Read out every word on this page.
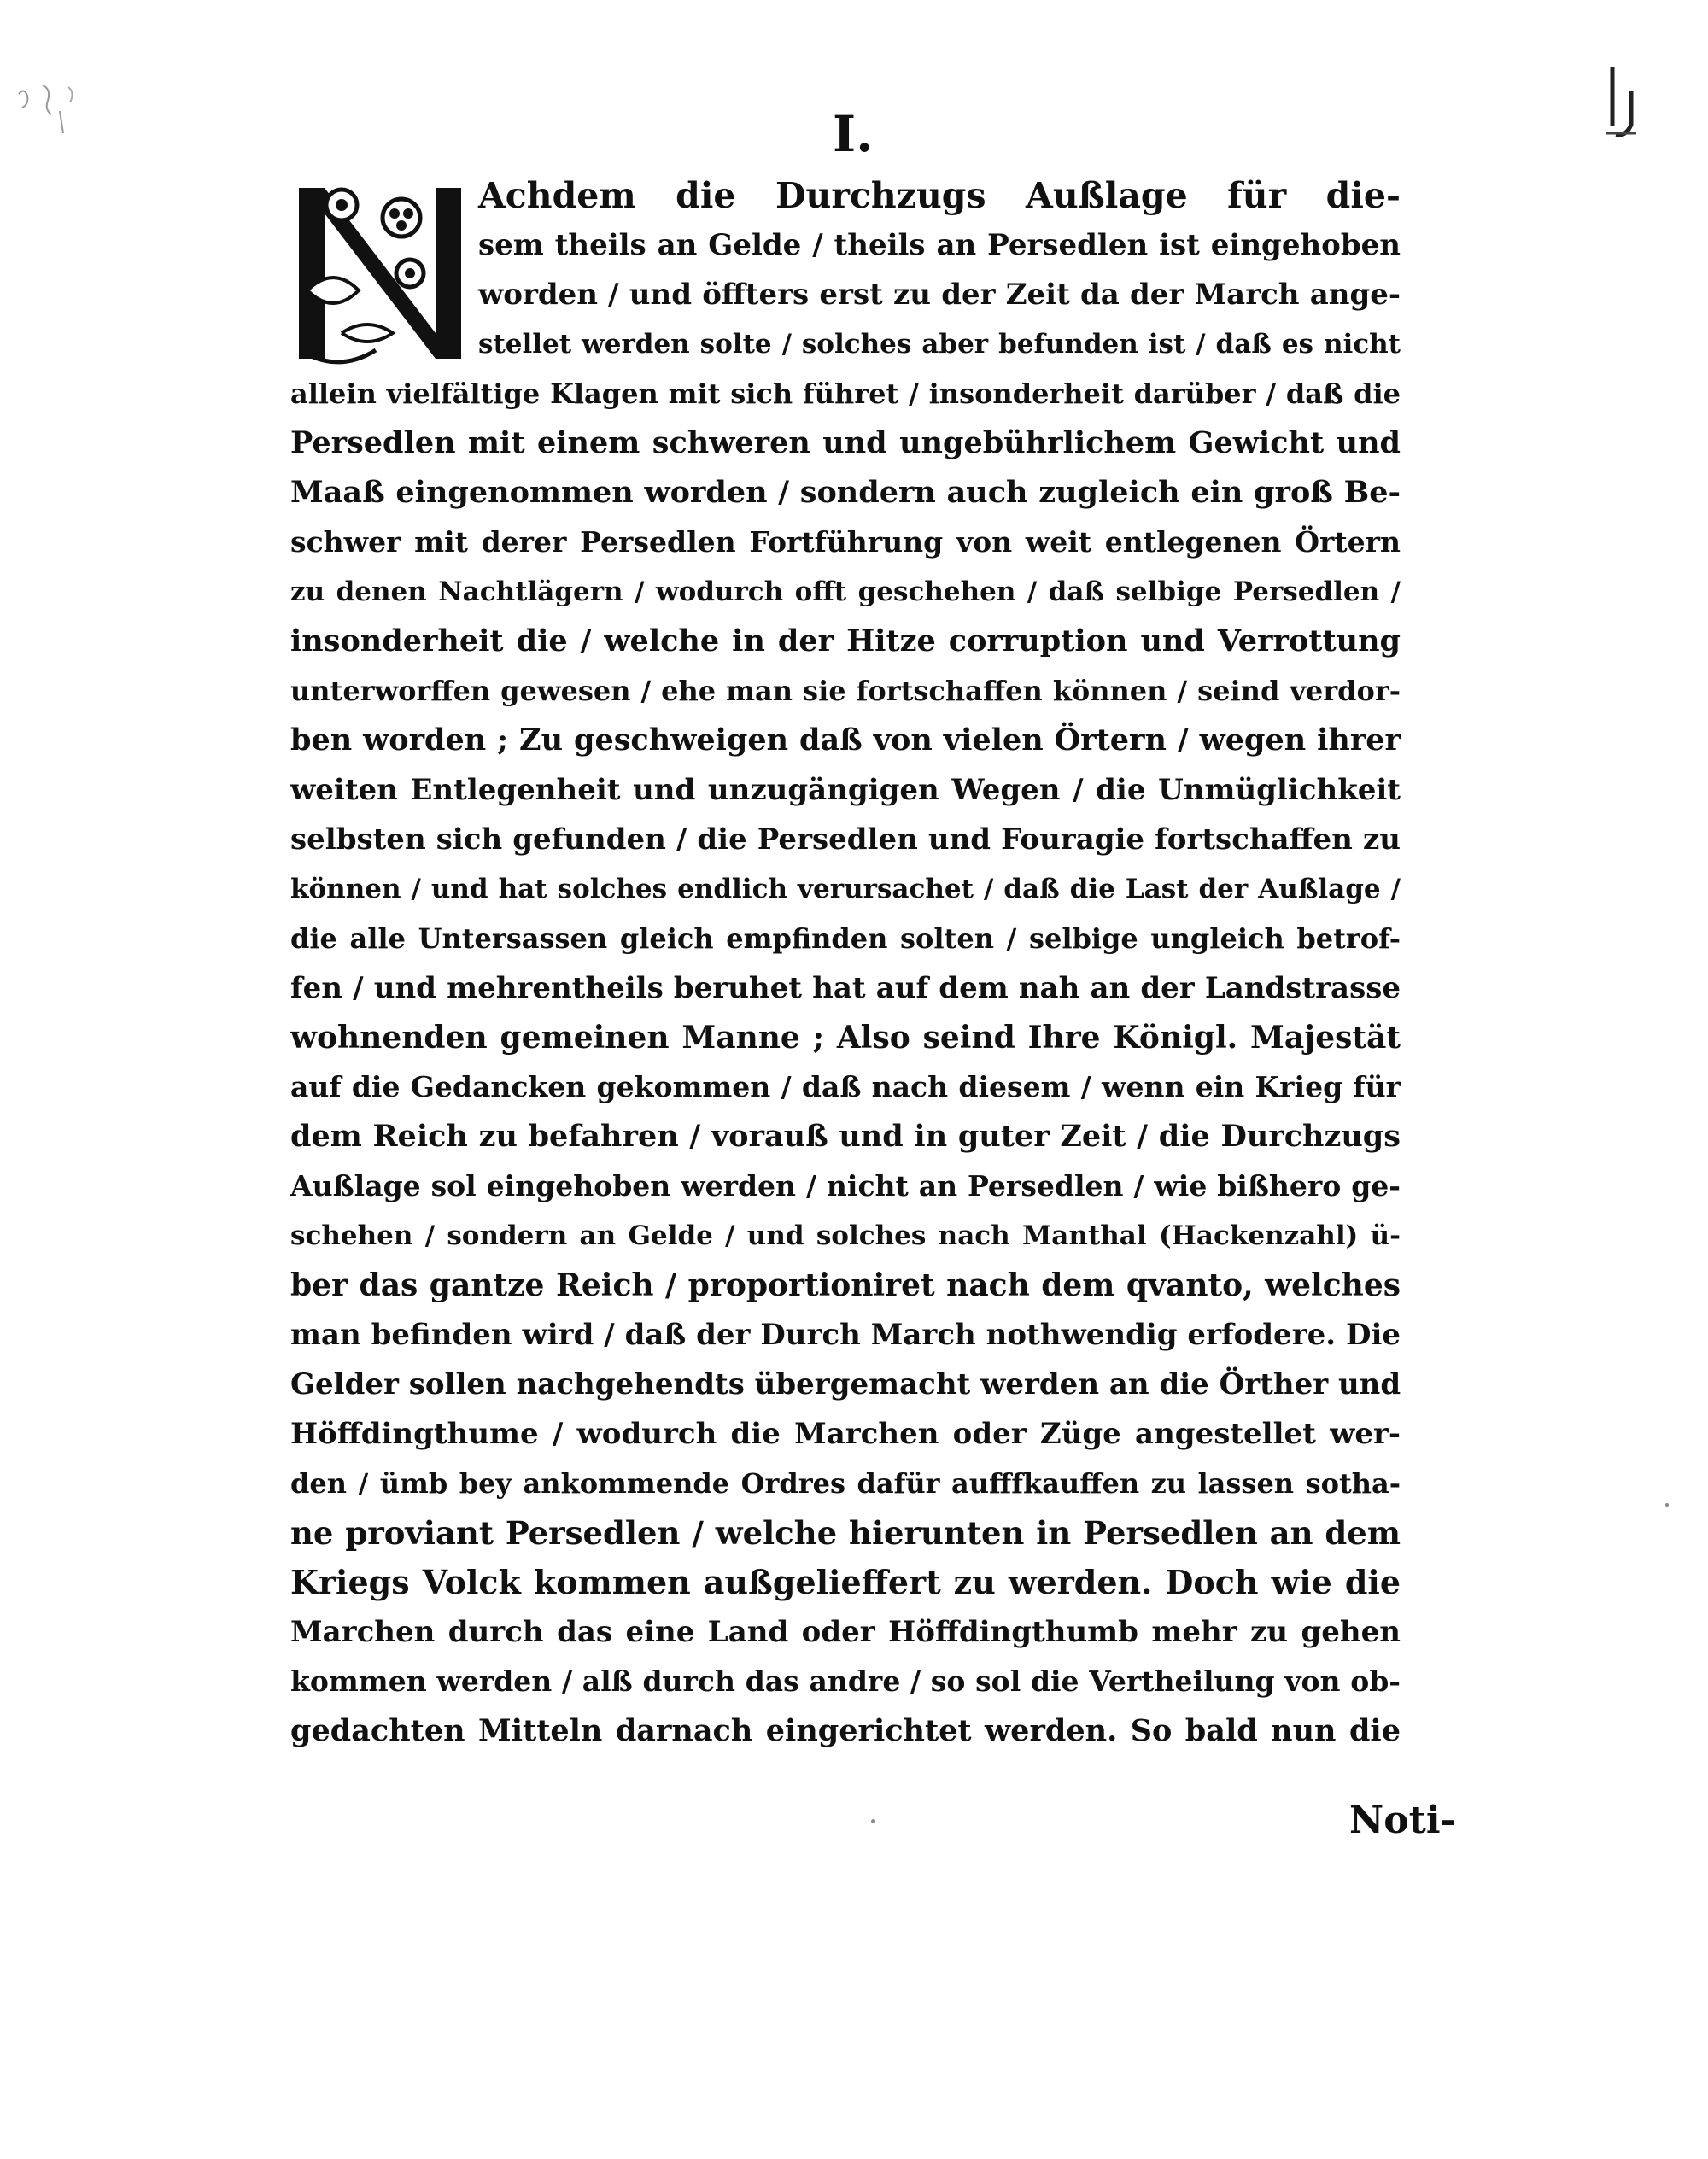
I.
Achdem die Durchzugs Außlage für die-
sem theils an Gelde / theils an Persedlen ist eingehoben
worden / und öffters erst zu der Zeit da der March ange-
stellet werden solte / solches aber befunden ist / daß es nicht
allein vielfältige Klagen mit sich führet / insonderheit darüber / daß die
Persedlen mit einem schweren und ungebührlichem Gewicht und
Maaß eingenommen worden / sondern auch zugleich ein groß Be-
schwer mit derer Persedlen Fortführung von weit entlegenen Örtern
zu denen Nachtlägern / wodurch offt geschehen / daß selbige Persedlen /
insonderheit die / welche in der Hitze corruption und Verrottung
unterworffen gewesen / ehe man sie fortschaffen können / seind verdor-
ben worden ; Zu geschweigen daß von vielen Örtern / wegen ihrer
weiten Entlegenheit und unzugängigen Wegen / die Unmüglichkeit
selbsten sich gefunden / die Persedlen und Fouragie fortschaffen zu
können / und hat solches endlich verursachet / daß die Last der Außlage /
die alle Untersassen gleich empfinden solten / selbige ungleich betrof-
fen / und mehrentheils beruhet hat auf dem nah an der Landstrasse
wohnenden gemeinen Manne ; Also seind Ihre Königl. Majestät
auf die Gedancken gekommen / daß nach diesem / wenn ein Krieg für
dem Reich zu befahren / vorauß und in guter Zeit / die Durchzugs
Außlage sol eingehoben werden / nicht an Persedlen / wie bißhero ge-
schehen / sondern an Gelde / und solches nach Manthal (Hackenzahl) ü-
ber das gantze Reich / proportioniret nach dem qvanto, welches
man befinden wird / daß der Durch March nothwendig erfodere. Die
Gelder sollen nachgehendts übergemacht werden an die Örther und
Höffdingthume / wodurch die Marchen oder Züge angestellet wer-
den / ümb bey ankommende Ordres dafür aufffkauffen zu lassen sotha-
ne proviant Persedlen / welche hierunten in Persedlen an dem
Kriegs Volck kommen außgelieffert zu werden. Doch wie die
Marchen durch das eine Land oder Höffdingthumb mehr zu gehen
kommen werden / alß durch das andre / so sol die Vertheilung von ob-
gedachten Mitteln darnach eingerichtet werden. So bald nun die
Noti-
